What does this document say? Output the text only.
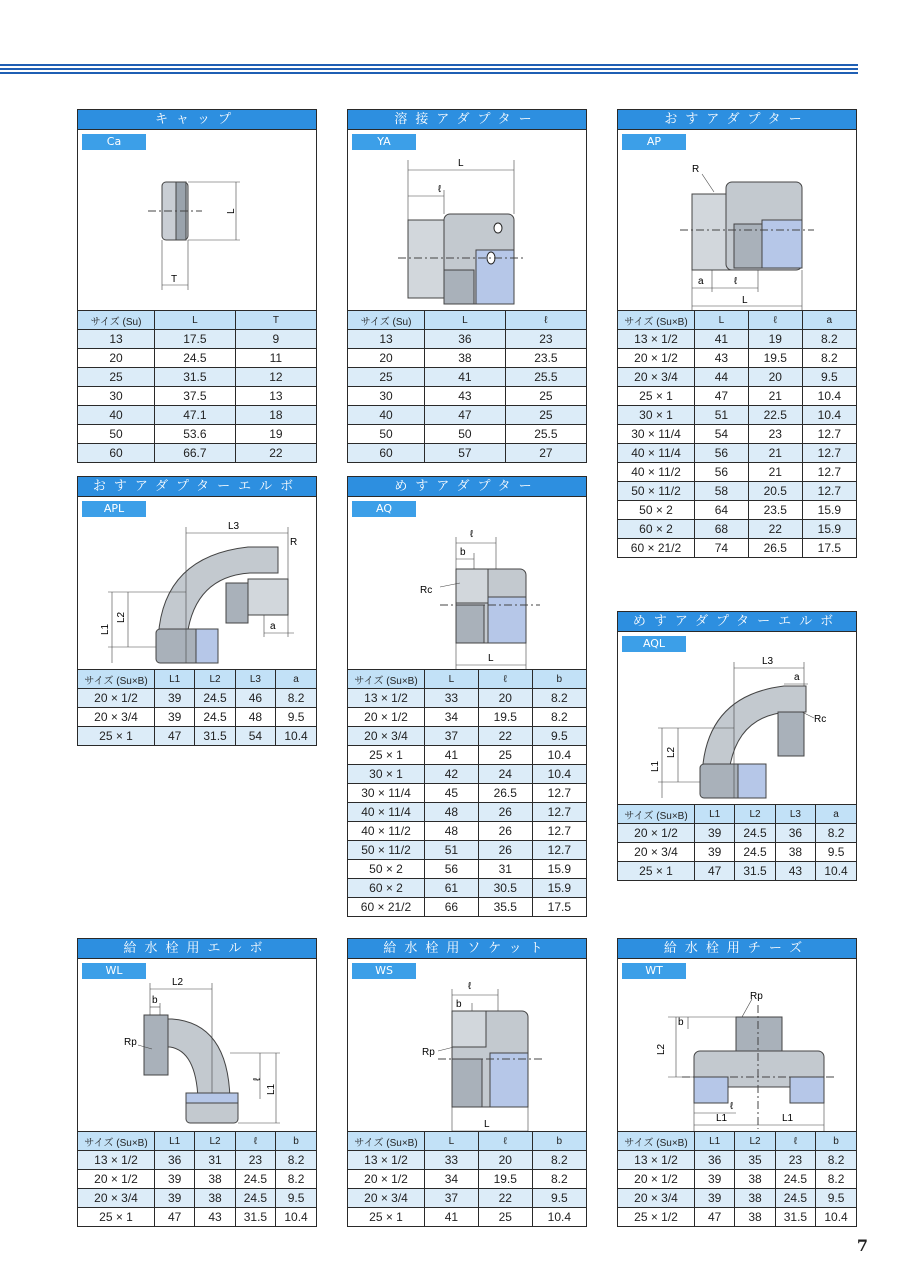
キャップ
Ca
L
T
サイズ (Su)	L	T
13	17.5	9
20	24.5	11
25	31.5	12
30	37.5	13
40	47.1	18
50	53.6	19
60	66.7	22
溶接アダプター
YA
L
ℓ
サイズ (Su)	L	ℓ
13	36	23
20	38	23.5
25	41	25.5
30	43	25
40	47	25
50	50	25.5
60	57	27
おすアダプター
AP
R
a	ℓ
L
サイズ (Su×B)	L	ℓ	a
13 × 1/2	41	19	8.2
20 × 1/2	43	19.5	8.2
20 × 3/4	44	20	9.5
25 × 1	47	21	10.4
30 × 1	51	22.5	10.4
30 × 11/4	54	23	12.7
40 × 11/4	56	21	12.7
40 × 11/2	56	21	12.7
50 × 11/2	58	20.5	12.7
50 × 2	64	23.5	15.9
60 × 2	68	22	15.9
60 × 21/2	74	26.5	17.5
おすアダプターエルボ
APL
L3
R
L1
L2
a
サイズ (Su×B)	L1	L2	L3	a
20 × 1/2	39	24.5	46	8.2
20 × 3/4	39	24.5	48	9.5
25 × 1	47	31.5	54	10.4
めすアダプター
AQ
ℓ
b
Rc
L
サイズ (Su×B)	L	ℓ	b
13 × 1/2	33	20	8.2
20 × 1/2	34	19.5	8.2
20 × 3/4	37	22	9.5
25 × 1	41	25	10.4
30 × 1	42	24	10.4
30 × 11/4	45	26.5	12.7
40 × 11/4	48	26	12.7
40 × 11/2	48	26	12.7
50 × 11/2	51	26	12.7
50 × 2	56	31	15.9
60 × 2	61	30.5	15.9
60 × 21/2	66	35.5	17.5
めすアダプターエルボ
AQL
L3
a
Rc
L1
L2
サイズ (Su×B)	L1	L2	L3	a
20 × 1/2	39	24.5	36	8.2
20 × 3/4	39	24.5	38	9.5
25 × 1	47	31.5	43	10.4
給水栓用エルボ
WL
L2
b
Rp
ℓ
L1
サイズ (Su×B)	L1	L2	ℓ	b
13 × 1/2	36	31	23	8.2
20 × 1/2	39	38	24.5	8.2
20 × 3/4	39	38	24.5	9.5
25 × 1	47	43	31.5	10.4
給水栓用ソケット
WS
ℓ
b
Rp
L
サイズ (Su×B)	L	ℓ	b
13 × 1/2	33	20	8.2
20 × 1/2	34	19.5	8.2
20 × 3/4	37	22	9.5
25 × 1	41	25	10.4
給水栓用チーズ
WT
Rp
b
L2
ℓ
L1	L1
サイズ (Su×B)	L1	L2	ℓ	b
13 × 1/2	36	35	23	8.2
20 × 1/2	39	38	24.5	8.2
20 × 3/4	39	38	24.5	9.5
25 × 1/2	47	38	31.5	10.4
7
